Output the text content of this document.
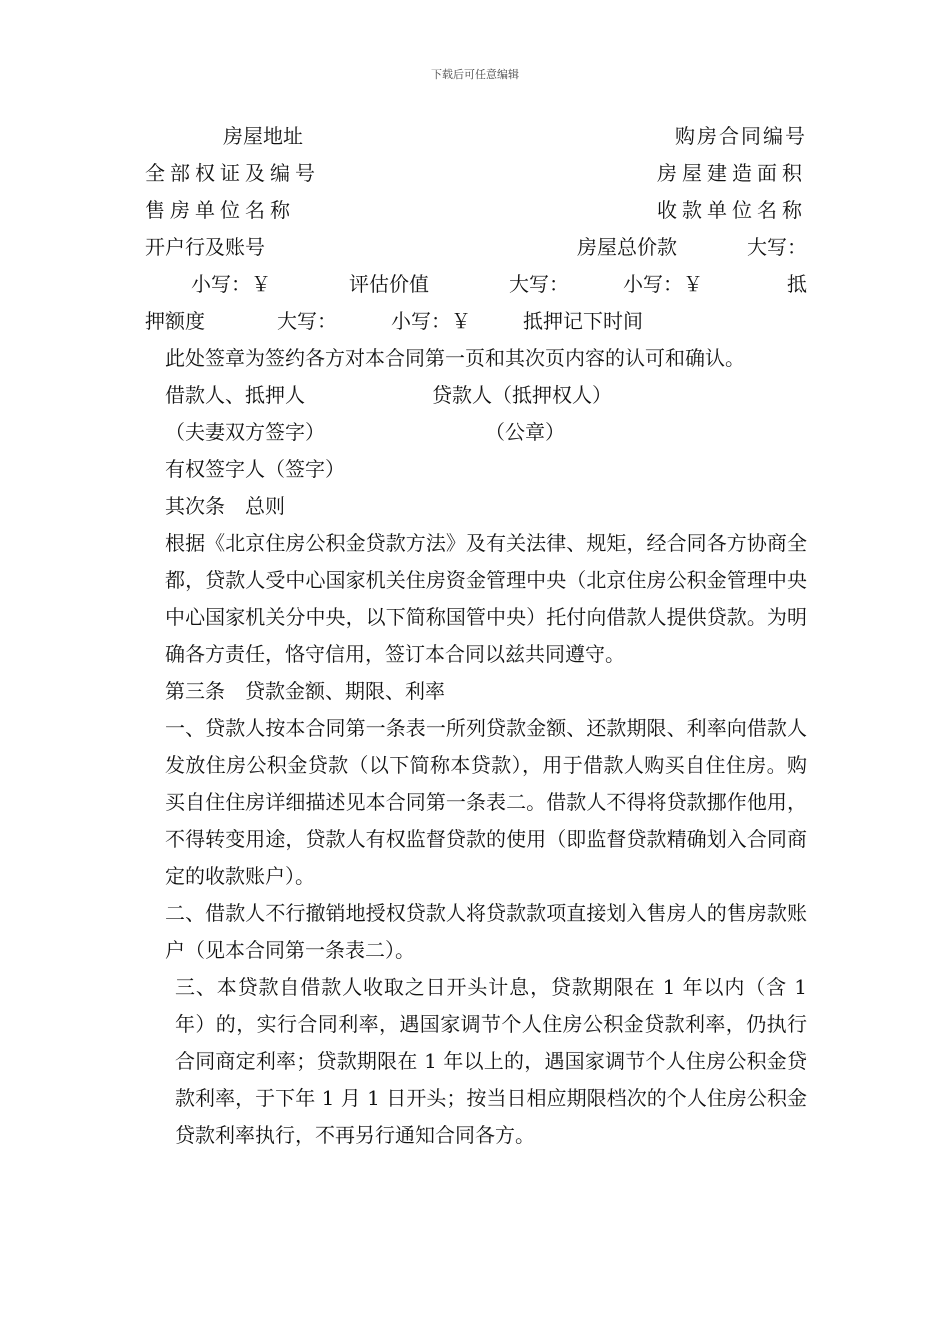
下载后可任意编辑
房屋地址	购房合同编号
全部权证及编号	房屋建造面积
售房单位名称	收款单位名称
开户行及账号	房屋总价款	大写：
小写：￥	评估价值	大写：	小写：￥	抵
押额度	大写：	小写：￥	抵押记下时间
此处签章为签约各方对本合同第一页和其次页内容的认可和确认。
借款人、抵押人	贷款人（抵押权人）
（夫妻双方签字）	（公章）
有权签字人（签字）
其次条　总则

根据《北京住房公积金贷款方法》及有关法律、规矩，经合同各方协商全都，贷款人受中心国家机关住房资金管理中央（北京住房公积金管理中央中心国家机关分中央，以下简称国管中央）托付向借款人提供贷款。为明确各方责任，恪守信用，签订本合同以兹共同遵守。

第三条　贷款金额、期限、利率

一、贷款人按本合同第一条表一所列贷款金额、还款期限、利率向借款人发放住房公积金贷款（以下简称本贷款），用于借款人购买自住住房。购买自住住房详细描述见本合同第一条表二。借款人不得将贷款挪作他用，不得转变用途，贷款人有权监督贷款的使用（即监督贷款精确划入合同商定的收款账户）。

二、借款人不行撤销地授权贷款人将贷款款项直接划入售房人的售房款账户（见本合同第一条表二）。

三、本贷款自借款人收取之日开头计息，贷款期限在 1 年以内（含 1 年）的，实行合同利率，遇国家调节个人住房公积金贷款利率，仍执行合同商定利率；贷款期限在 1 年以上的，遇国家调节个人住房公积金贷款利率，于下年 1 月 1 日开头；按当日相应期限档次的个人住房公积金贷款利率执行，不再另行通知合同各方。
